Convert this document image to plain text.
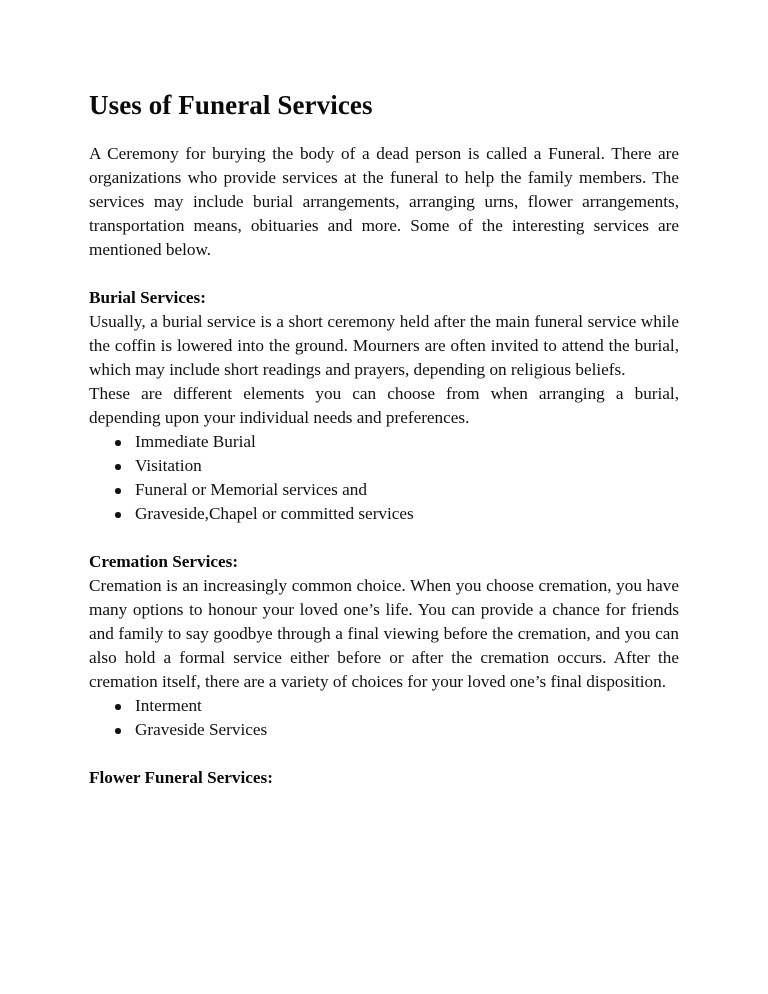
Uses of Funeral Services

A Ceremony for burying the body of a dead person is called a Funeral. There are organizations who provide services at the funeral to help the family members. The services may include burial arrangements, arranging urns, flower arrangements, transportation means, obituaries and more. Some of the interesting services are mentioned below.

Burial Services:

Usually, a burial service is a short ceremony held after the main funeral service while the coffin is lowered into the ground. Mourners are often invited to attend the burial, which may include short readings and prayers, depending on religious beliefs.

These are different elements you can choose from when arranging a burial, depending upon your individual needs and preferences.

Immediate Burial
Visitation
Funeral or Memorial services and
Graveside,Chapel or committed services
Cremation Services:

Cremation is an increasingly common choice. When you choose cremation, you have many options to honour your loved one’s life. You can provide a chance for friends and family to say goodbye through a final viewing before the cremation, and you can also hold a formal service either before or after the cremation occurs. After the cremation itself, there are a variety of choices for your loved one’s final disposition.

Interment
Graveside Services
Flower Funeral Services:
